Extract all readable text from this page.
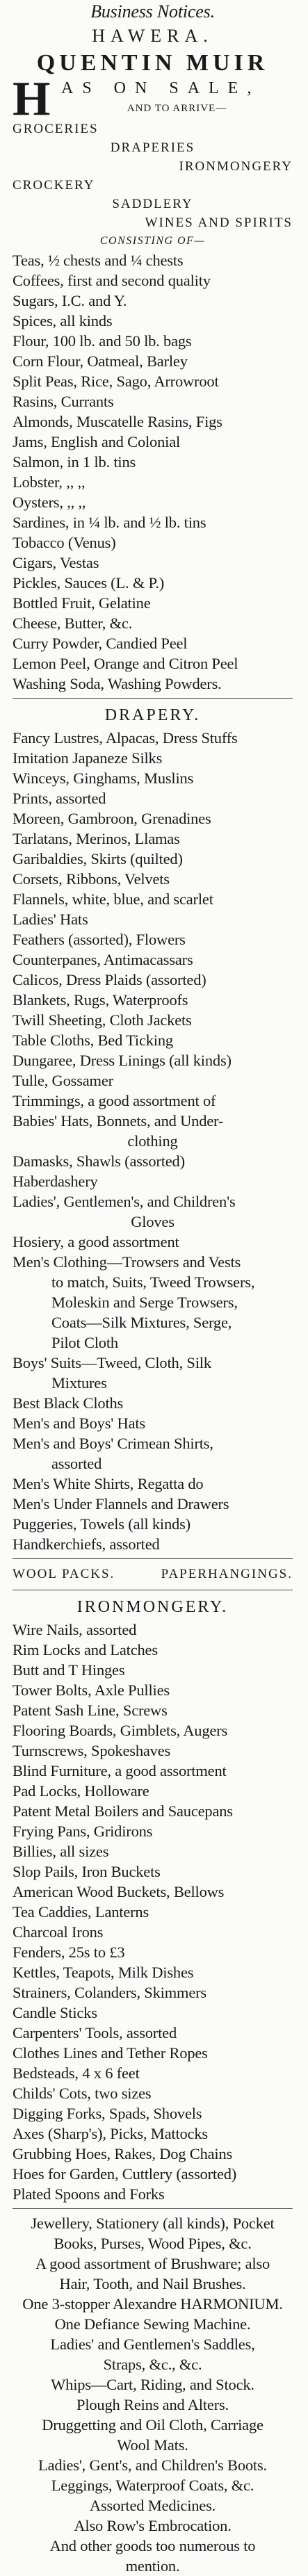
Business Notices.
HAWERA.
QUENTIN MUIR
H AS ON SALE,
AND TO ARRIVE—
GROCERIES
DRAPERIES
IRONMONGERY
CROCKERY
SADDLERY
WINES AND SPIRITS
CONSISTING OF—
Teas, ½ chests and ¼ chests
Coffees, first and second quality
Sugars, I.C. and Y.
Spices, all kinds
Flour, 100 lb. and 50 lb. bags
Corn Flour, Oatmeal, Barley
Split Peas, Rice, Sago, Arrowroot
Rasins, Currants
Almonds, Muscatelle Rasins, Figs
Jams, English and Colonial
Salmon, in 1 lb. tins
Lobster, ,, ,,
Oysters, ,, ,,
Sardines, in ¼ lb. and ½ lb. tins
Tobacco (Venus)
Cigars, Vestas
Pickles, Sauces (L. & P.)
Bottled Fruit, Gelatine
Cheese, Butter, &c.
Curry Powder, Candied Peel
Lemon Peel, Orange and Citron Peel
Washing Soda, Washing Powders.
DRAPERY.
Fancy Lustres, Alpacas, Dress Stuffs
Imitation Japaneze Silks
Winceys, Ginghams, Muslins
Prints, assorted
Moreen, Gambroon, Grenadines
Tarlatans, Merinos, Llamas
Garibaldies, Skirts (quilted)
Corsets, Ribbons, Velvets
Flannels, white, blue, and scarlet
Ladies' Hats
Feathers (assorted), Flowers
Counterpanes, Antimacassars
Calicos, Dress Plaids (assorted)
Blankets, Rugs, Waterproofs
Twill Sheeting, Cloth Jackets
Table Cloths, Bed Ticking
Dungaree, Dress Linings (all kinds)
Tulle, Gossamer
Trimmings, a good assortment of
Babies' Hats, Bonnets, and Under-
clothing
Damasks, Shawls (assorted)
Haberdashery
Ladies', Gentlemen's, and Children's
Gloves
Hosiery, a good assortment
Men's Clothing—Trowsers and Vests
to match, Suits, Tweed Trowsers,
Moleskin and Serge Trowsers,
Coats—Silk Mixtures, Serge,
Pilot Cloth
Boys' Suits—Tweed, Cloth, Silk
Mixtures
Best Black Cloths
Men's and Boys' Hats
Men's and Boys' Crimean Shirts,
assorted
Men's White Shirts, Regatta do
Men's Under Flannels and Drawers
Puggeries, Towels (all kinds)
Handkerchiefs, assorted
WOOL PACKS.	PAPERHANGINGS.
IRONMONGERY.
Wire Nails, assorted
Rim Locks and Latches
Butt and T Hinges
Tower Bolts, Axle Pullies
Patent Sash Line, Screws
Flooring Boards, Gimblets, Augers
Turnscrews, Spokeshaves
Blind Furniture, a good assortment
Pad Locks, Holloware
Patent Metal Boilers and Saucepans
Frying Pans, Gridirons
Billies, all sizes
Slop Pails, Iron Buckets
American Wood Buckets, Bellows
Tea Caddies, Lanterns
Charcoal Irons
Fenders, 25s to £3
Kettles, Teapots, Milk Dishes
Strainers, Colanders, Skimmers
Candle Sticks
Carpenters' Tools, assorted
Clothes Lines and Tether Ropes
Bedsteads, 4 x 6 feet
Childs' Cots, two sizes
Digging Forks, Spads, Shovels
Axes (Sharp's), Picks, Mattocks
Grubbing Hoes, Rakes, Dog Chains
Hoes for Garden, Cuttlery (assorted)
Plated Spoons and Forks
Jewellery, Stationery (all kinds), Pocket
Books, Purses, Wood Pipes, &c.
A good assortment of Brushware; also
Hair, Tooth, and Nail Brushes.
One 3-stopper Alexandre HARMONIUM.
One Defiance Sewing Machine.
Ladies' and Gentlemen's Saddles,
Straps, &c., &c.
Whips—Cart, Riding, and Stock.
Plough Reins and Alters.
Druggetting and Oil Cloth, Carriage
Wool Mats.
Ladies', Gent's, and Children's Boots.
Leggings, Waterproof Coats, &c.
Assorted Medicines.
Also Row's Embrocation.
And other goods too numerous to
mention.
